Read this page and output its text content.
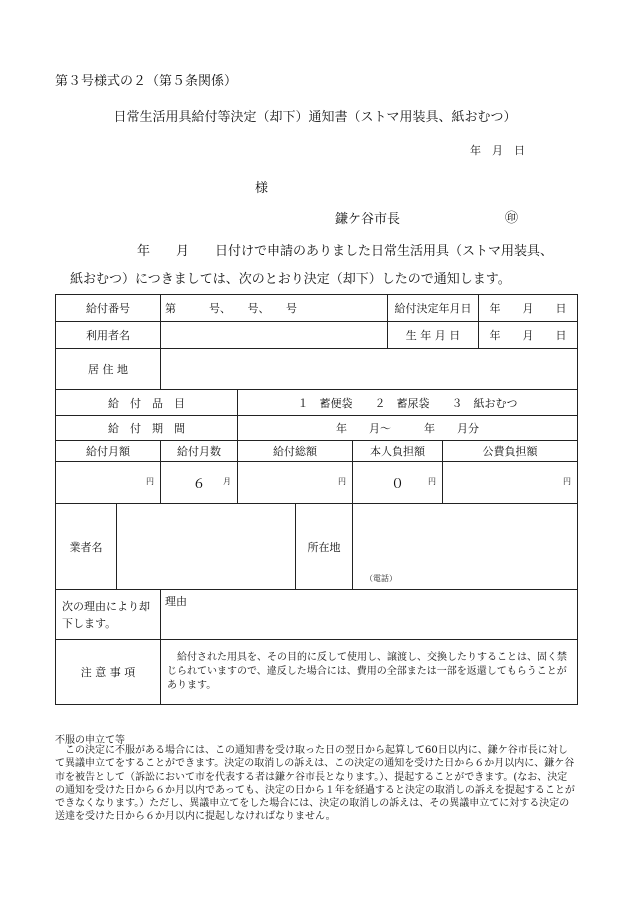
第３号様式の２（第５条関係）
日常生活用具給付等決定（却下）通知書（ストマ用装具、紙おむつ）
年　月　日
様
鎌ケ谷市長	㊞
年　　月　　日付けで申請のありました日常生活用具（ストマ用装具、
紙おむつ）につきましては、次のとおり決定（却下）したので通知します。
給付番号		第　　　号、　　号、　　号				給付決定年月日		年　　月　　日
利用者名						生 年 月 日		年　　月　　日
居 住 地								
給　付　品　目			１　蓄便袋　　２　蓄尿袋　　３　紙おむつ					
給　付　期　間			年　　月～　　　年　　月分					
給付月額		給付月数	給付総額		本人負担額		公費負担額	

円		６ 月	円		０ 円		円	

業者名				所在地	（電話）			

次の理由により却下します。		理由						
注 意 事 項		給付された用具を、その目的に反して使用し、譲渡し、交換したりすることは、固く禁じられていますので、違反した場合には、費用の全部または一部を返還してもらうことがあります。						
不服の申立て等
この決定に不服がある場合には、この通知書を受け取った日の翌日から起算して60日以内に、鎌ケ谷市長に対して異議申立てをすることができます。決定の取消しの訴えは、この決定の通知を受けた日から６か月以内に、鎌ケ谷市を被告として（訴訟において市を代表する者は鎌ケ谷市長となります。）、提起することができます。(なお、決定の通知を受けた日から６か月以内であっても、決定の日から１年を経過すると決定の取消しの訴えを提起することができなくなります。）ただし、異議申立てをした場合には、決定の取消しの訴えは、その異議申立てに対する決定の送達を受けた日から６か月以内に提起しなければなりません。
